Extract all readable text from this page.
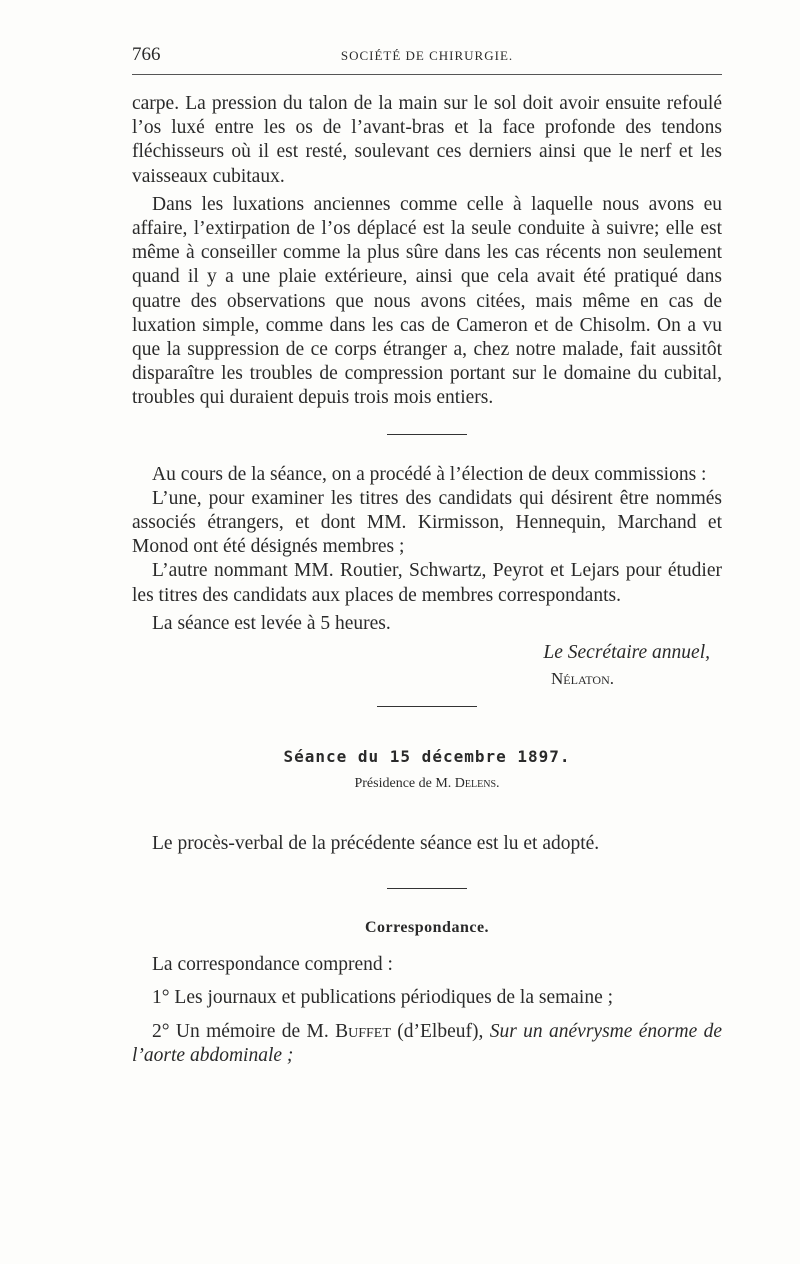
766	SOCIÉTÉ DE CHIRURGIE.

carpe. La pression du talon de la main sur le sol doit avoir ensuite refoulé l’os luxé entre les os de l’avant-bras et la face profonde des tendons fléchisseurs où il est resté, soulevant ces derniers ainsi que le nerf et les vaisseaux cubitaux.

Dans les luxations anciennes comme celle à laquelle nous avons eu affaire, l’extirpation de l’os déplacé est la seule conduite à suivre; elle est même à conseiller comme la plus sûre dans les cas récents non seulement quand il y a une plaie extérieure, ainsi que cela avait été pratiqué dans quatre des observations que nous avons citées, mais même en cas de luxation simple, comme dans les cas de Cameron et de Chisolm. On a vu que la suppression de ce corps étranger a, chez notre malade, fait aussitôt disparaître les troubles de compression portant sur le domaine du cubital, troubles qui duraient depuis trois mois entiers.

Au cours de la séance, on a procédé à l’élection de deux commissions :

L’une, pour examiner les titres des candidats qui désirent être nommés associés étrangers, et dont MM. Kirmisson, Hennequin, Marchand et Monod ont été désignés membres ;

L’autre nommant MM. Routier, Schwartz, Peyrot et Lejars pour étudier les titres des candidats aux places de membres correspondants.

La séance est levée à 5 heures.

Le Secrétaire annuel,
Nélaton.
Séance du 15 décembre 1897.
Présidence de M. Delens.

Le procès-verbal de la précédente séance est lu et adopté.

Correspondance.

La correspondance comprend :

1° Les journaux et publications périodiques de la semaine ;

2° Un mémoire de M. Buffet (d’Elbeuf), Sur un anévrysme énorme de l’aorte abdominale ;
